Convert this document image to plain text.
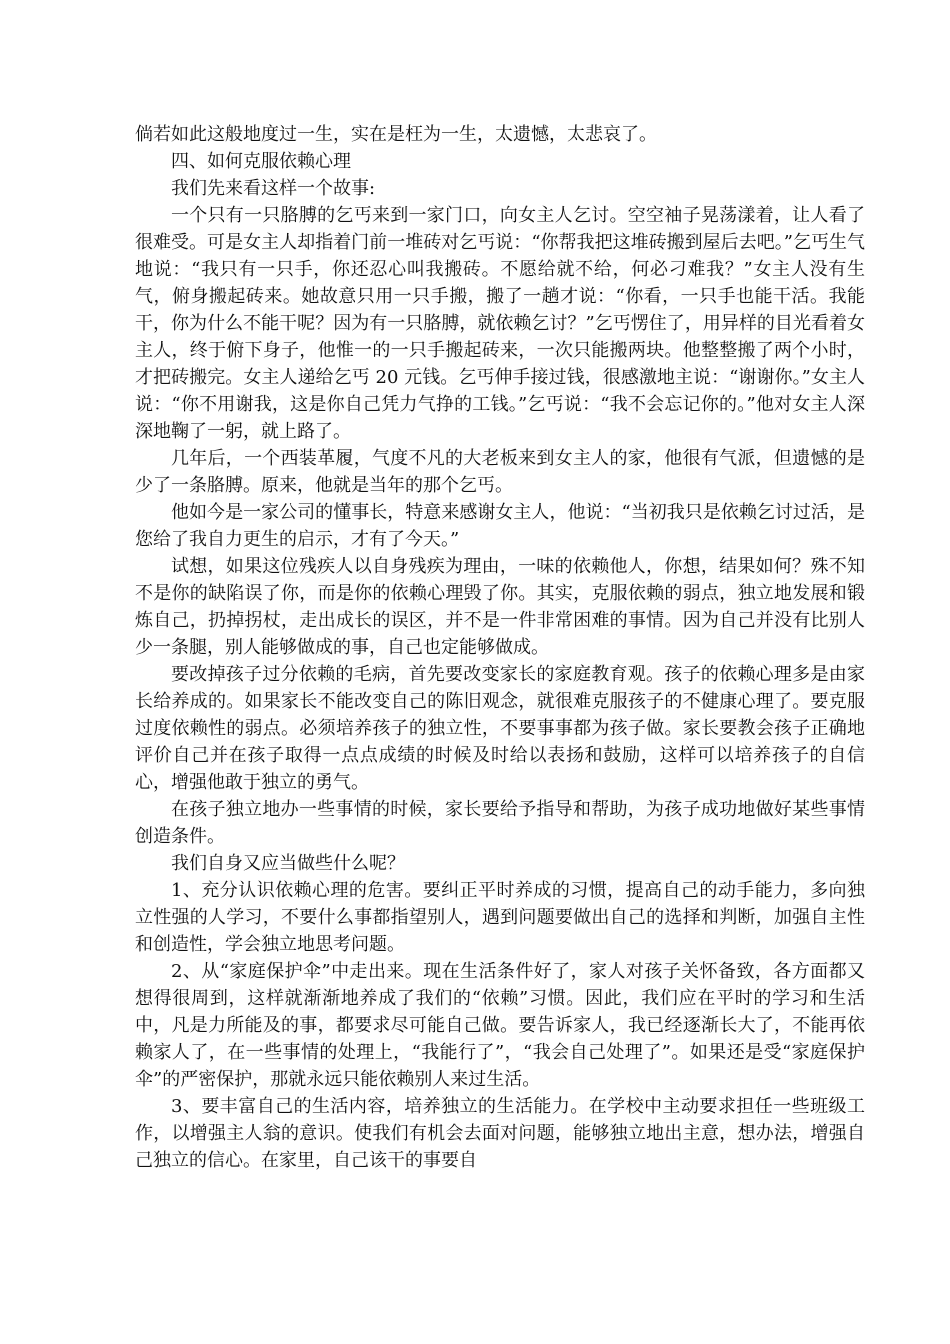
倘若如此这般地度过一生，实在是枉为一生，太遗憾，太悲哀了。

四、如何克服依赖心理

我们先来看这样一个故事:

一个只有一只胳膊的乞丐来到一家门口，向女主人乞讨。空空袖子晃荡漾着，让人看了很难受。可是女主人却指着门前一堆砖对乞丐说：“你帮我把这堆砖搬到屋后去吧。”乞丐生气地说：“我只有一只手，你还忍心叫我搬砖。不愿给就不给，何必刁难我？”女主人没有生气，俯身搬起砖来。她故意只用一只手搬，搬了一趟才说：“你看，一只手也能干活。我能干，你为什么不能干呢？因为有一只胳膊，就依赖乞讨？”乞丐愣住了，用异样的目光看着女主人，终于俯下身子，他惟一的一只手搬起砖来，一次只能搬两块。他整整搬了两个小时，才把砖搬完。女主人递给乞丐 20 元钱。乞丐伸手接过钱，很感激地主说：“谢谢你。”女主人说：“你不用谢我，这是你自己凭力气挣的工钱。”乞丐说：“我不会忘记你的。”他对女主人深深地鞠了一躬，就上路了。

几年后，一个西装革履，气度不凡的大老板来到女主人的家，他很有气派，但遗憾的是少了一条胳膊。原来，他就是当年的那个乞丐。

他如今是一家公司的懂事长，特意来感谢女主人，他说：“当初我只是依赖乞讨过活，是您给了我自力更生的启示，才有了今天。”

试想，如果这位残疾人以自身残疾为理由，一味的依赖他人，你想，结果如何？殊不知不是你的缺陷误了你，而是你的依赖心理毁了你。其实，克服依赖的弱点，独立地发展和锻炼自己，扔掉拐杖，走出成长的误区，并不是一件非常困难的事情。因为自己并没有比别人少一条腿，别人能够做成的事，自己也定能够做成。

要改掉孩子过分依赖的毛病，首先要改变家长的家庭教育观。孩子的依赖心理多是由家长给养成的。如果家长不能改变自己的陈旧观念，就很难克服孩子的不健康心理了。要克服过度依赖性的弱点。必须培养孩子的独立性，不要事事都为孩子做。家长要教会孩子正确地评价自己并在孩子取得一点点成绩的时候及时给以表扬和鼓励，这样可以培养孩子的自信心，增强他敢于独立的勇气。

在孩子独立地办一些事情的时候，家长要给予指导和帮助，为孩子成功地做好某些事情创造条件。

我们自身又应当做些什么呢？

1、充分认识依赖心理的危害。要纠正平时养成的习惯，提高自己的动手能力，多向独立性强的人学习，不要什么事都指望别人，遇到问题要做出自己的选择和判断，加强自主性和创造性，学会独立地思考问题。

2、从“家庭保护伞”中走出来。现在生活条件好了，家人对孩子关怀备致，各方面都又想得很周到，这样就渐渐地养成了我们的“依赖”习惯。因此，我们应在平时的学习和生活中，凡是力所能及的事，都要求尽可能自己做。要告诉家人，我已经逐渐长大了，不能再依赖家人了，在一些事情的处理上，“我能行了”，“我会自己处理了”。如果还是受“家庭保护伞”的严密保护，那就永远只能依赖别人来过生活。

3、要丰富自己的生活内容，培养独立的生活能力。在学校中主动要求担任一些班级工作，以增强主人翁的意识。使我们有机会去面对问题，能够独立地出主意，想办法，增强自己独立的信心。在家里，自己该干的事要自
